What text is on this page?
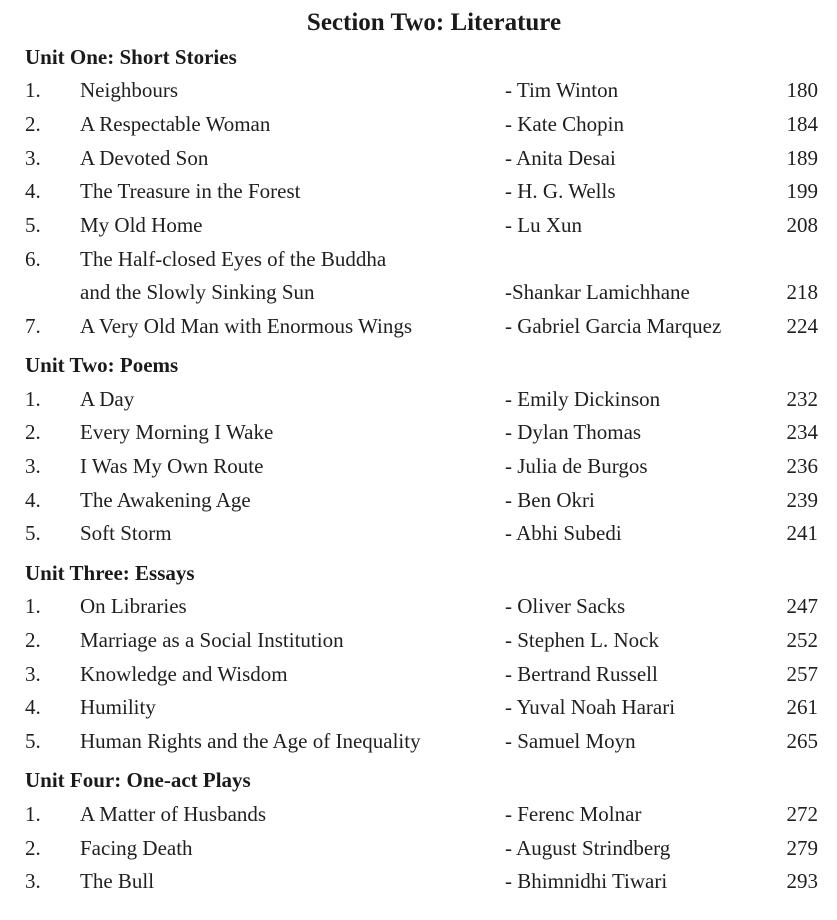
Section Two: Literature
Unit One: Short Stories
1. Neighbours	- Tim Winton	180
2. A Respectable Woman	- Kate Chopin	184
3. A Devoted Son	- Anita Desai	189
4. The Treasure in the Forest	- H. G. Wells	199
5. My Old Home	- Lu Xun	208
6. The Half-closed Eyes of the Buddha
and the Slowly Sinking Sun	-Shankar Lamichhane	218
7. A Very Old Man with Enormous Wings	- Gabriel Garcia Marquez	224
Unit Two: Poems
1. A Day	- Emily Dickinson	232
2. Every Morning I Wake	- Dylan Thomas	234
3. I Was My Own Route	- Julia de Burgos	236
4. The Awakening Age	- Ben Okri	239
5. Soft Storm	- Abhi Subedi	241
Unit Three: Essays
1. On Libraries	- Oliver Sacks	247
2. Marriage as a Social Institution	- Stephen L. Nock	252
3. Knowledge and Wisdom	- Bertrand Russell	257
4. Humility	- Yuval Noah Harari	261
5. Human Rights and the Age of Inequality	- Samuel Moyn	265
Unit Four: One-act Plays
1. A Matter of Husbands	- Ferenc Molnar	272
2. Facing Death	- August Strindberg	279
3. The Bull	- Bhimnidhi Tiwari	293
